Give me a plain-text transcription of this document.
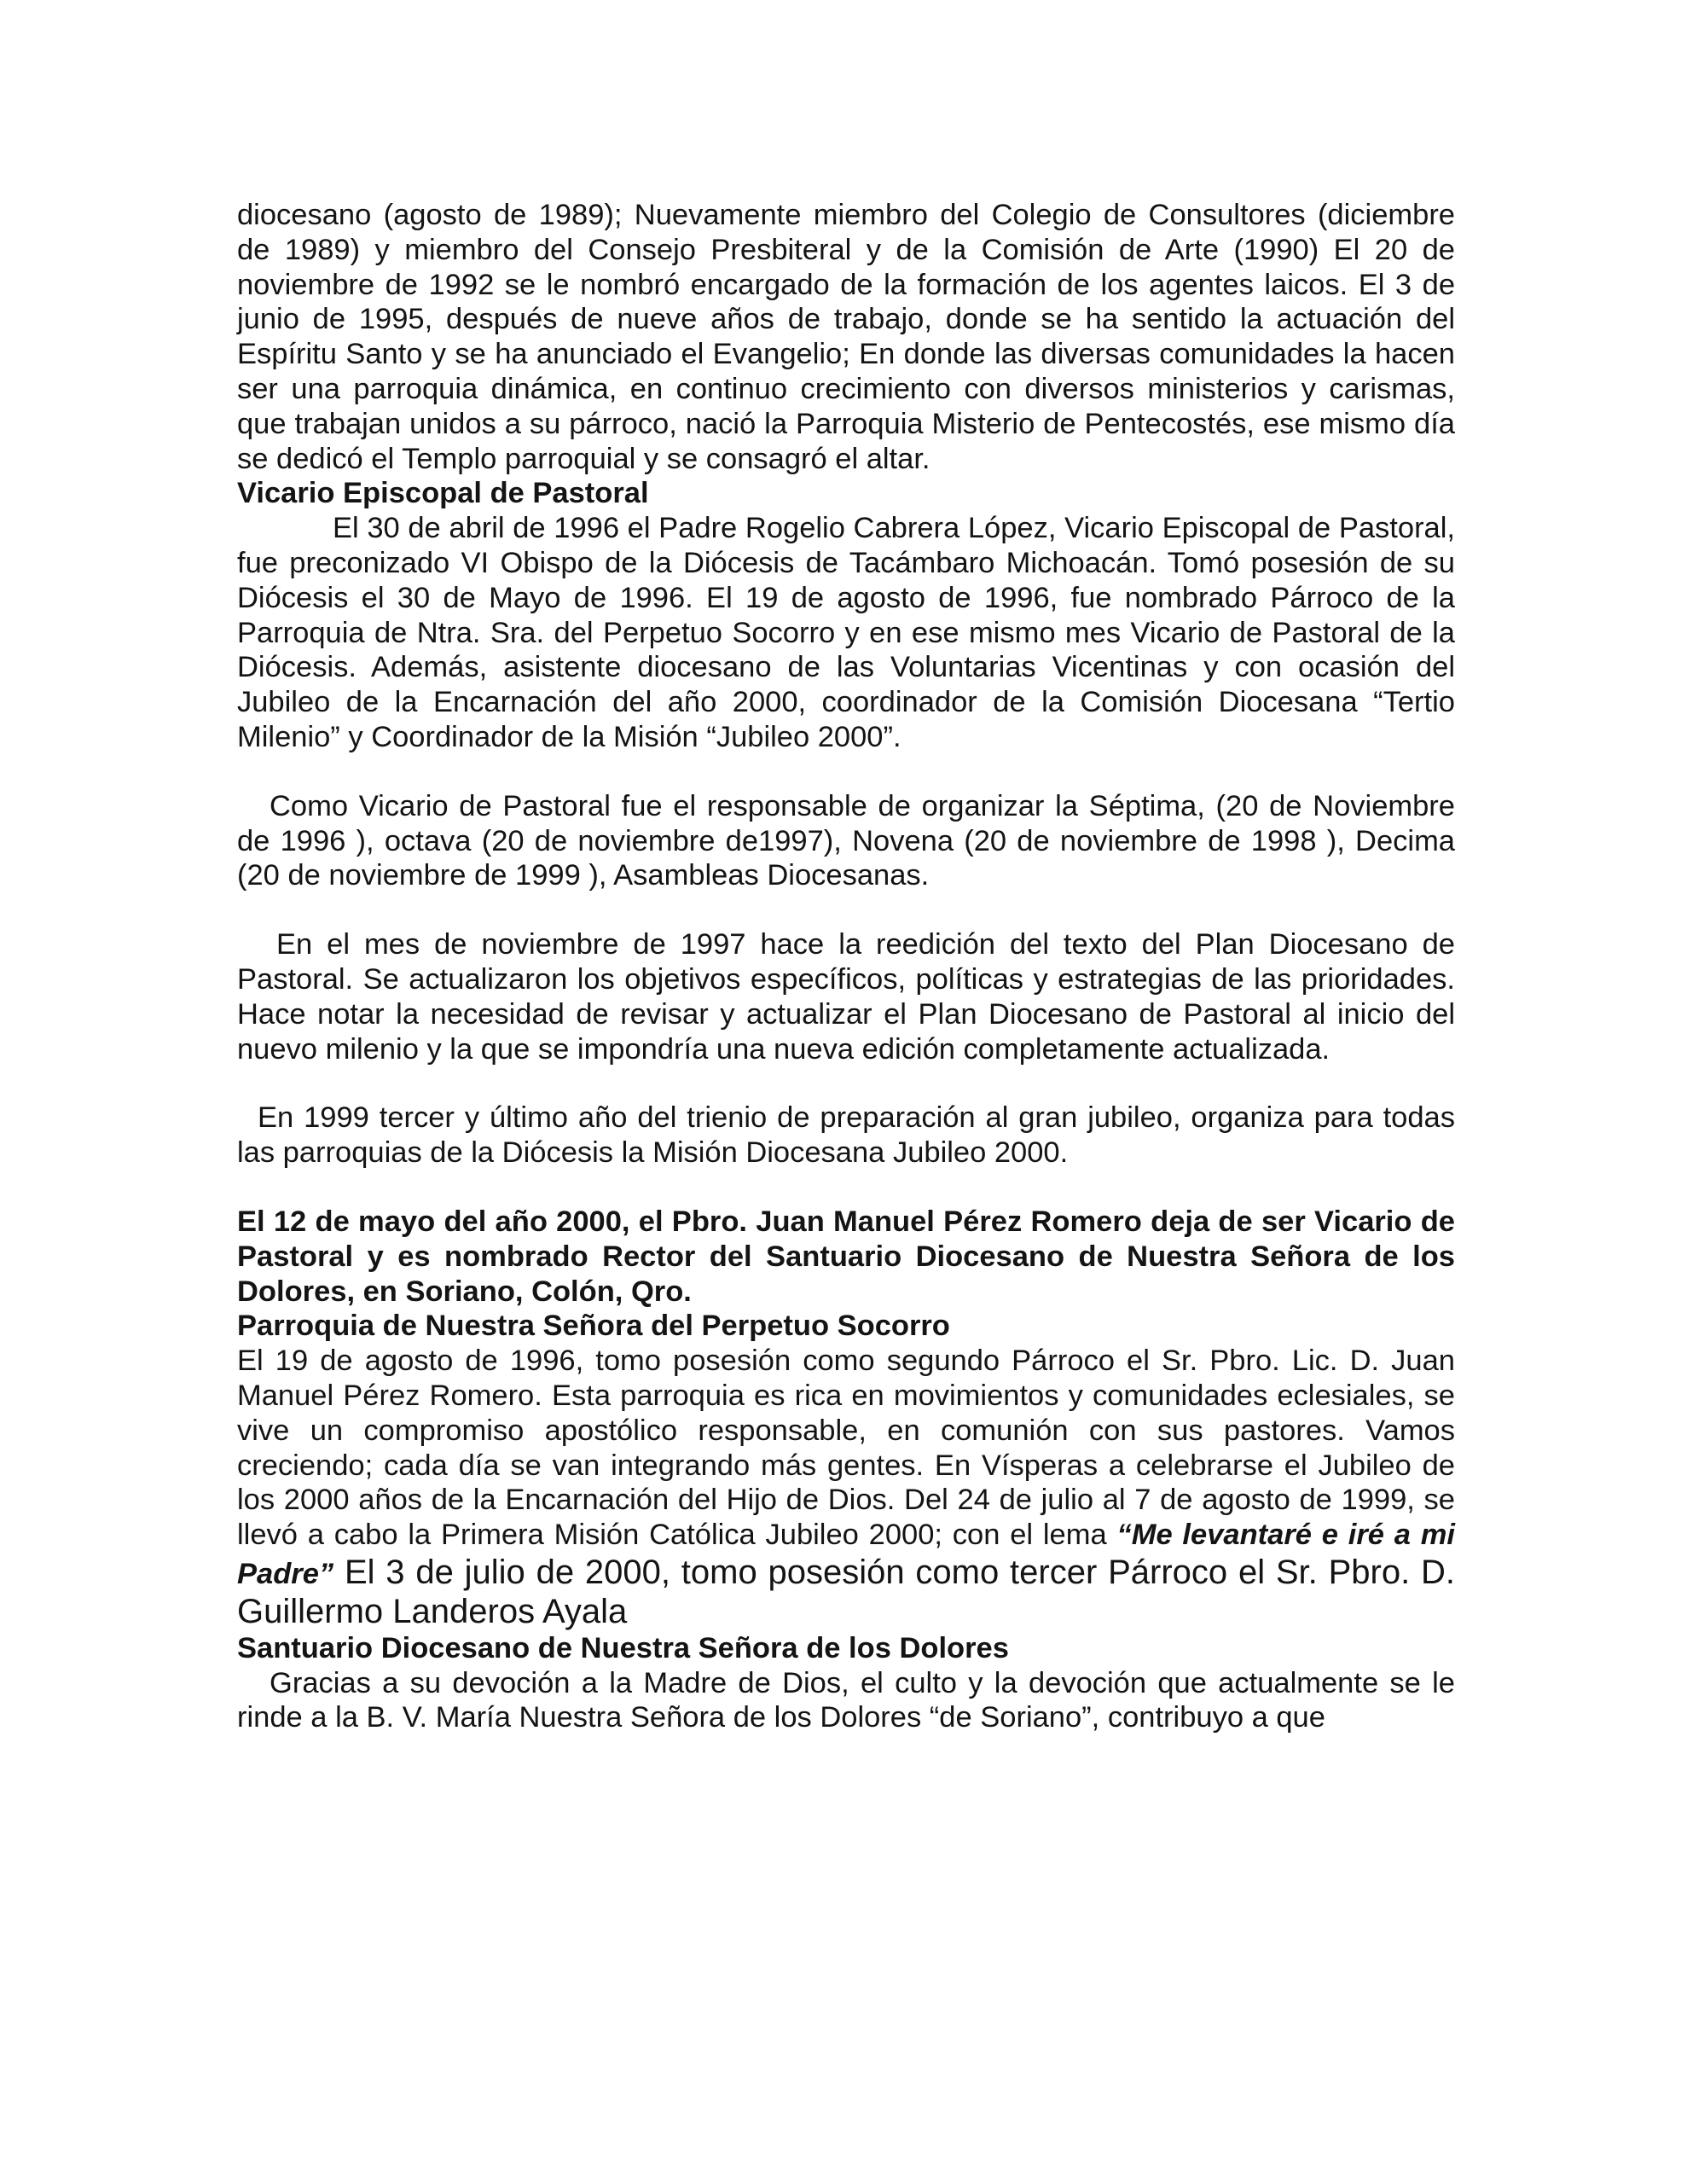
diocesano (agosto de 1989); Nuevamente miembro del Colegio de Consultores (diciembre de 1989) y miembro del Consejo Presbiteral y de la Comisión de Arte (1990) El 20 de noviembre de 1992 se le nombró encargado de la formación de los agentes laicos. El 3 de junio de 1995, después de nueve años de trabajo, donde se ha sentido la actuación del Espíritu Santo y se ha anunciado el Evangelio; En donde las diversas comunidades la hacen ser una parroquia dinámica, en continuo crecimiento con diversos ministerios y carismas, que trabajan unidos a su párroco, nació la Parroquia Misterio de Pentecostés, ese mismo día se dedicó el Templo parroquial y se consagró el altar.

Vicario Episcopal de Pastoral

El 30 de abril de 1996 el Padre Rogelio Cabrera López, Vicario Episcopal de Pastoral, fue preconizado VI Obispo de la Diócesis de Tacámbaro Michoacán. Tomó posesión de su Diócesis el 30 de Mayo de 1996. El 19 de agosto de 1996, fue nombrado Párroco de la Parroquia de Ntra. Sra. del Perpetuo Socorro y en ese mismo mes Vicario de Pastoral de la Diócesis. Además, asistente diocesano de las Voluntarias Vicentinas y con ocasión del Jubileo de la Encarnación del año 2000, coordinador de la Comisión Diocesana “Tertio Milenio” y Coordinador de la Misión “Jubileo 2000”.

Como Vicario de Pastoral fue el responsable de organizar la Séptima, (20 de Noviembre de 1996 ), octava (20 de noviembre de1997), Novena (20 de noviembre de 1998 ), Decima (20 de noviembre de 1999 ), Asambleas Diocesanas.

En el mes de noviembre de 1997 hace la reedición del texto del Plan Diocesano de Pastoral. Se actualizaron los objetivos específicos, políticas y estrategias de las prioridades. Hace notar la necesidad de revisar y actualizar el Plan Diocesano de Pastoral al inicio del nuevo milenio y la que se impondría una nueva edición completamente actualizada.

En 1999 tercer y último año del trienio de preparación al gran jubileo, organiza para todas las parroquias de la Diócesis la Misión Diocesana Jubileo 2000.

El 12 de mayo del año 2000, el Pbro. Juan Manuel Pérez Romero deja de ser Vicario de Pastoral y es nombrado Rector del Santuario Diocesano de Nuestra Señora de los Dolores, en Soriano, Colón, Qro.

Parroquia de Nuestra Señora del Perpetuo Socorro

El 19 de agosto de 1996, tomo posesión como segundo Párroco el Sr. Pbro. Lic. D. Juan Manuel Pérez Romero. Esta parroquia es rica en movimientos y comunidades eclesiales, se vive un compromiso apostólico responsable, en comunión con sus pastores. Vamos creciendo; cada día se van integrando más gentes. En Vísperas a celebrarse el Jubileo de los 2000 años de la Encarnación del Hijo de Dios. Del 24 de julio al 7 de agosto de 1999, se llevó a cabo la Primera Misión Católica Jubileo 2000; con el lema “Me levantaré e iré a mi Padre” El 3 de julio de 2000, tomo posesión como tercer Párroco el Sr. Pbro. D. Guillermo Landeros Ayala

Santuario Diocesano de Nuestra Señora de los Dolores

Gracias a su devoción a la Madre de Dios, el culto y la devoción que actualmente se le rinde a la B. V. María Nuestra Señora de los Dolores “de Soriano”, contribuyo a que
